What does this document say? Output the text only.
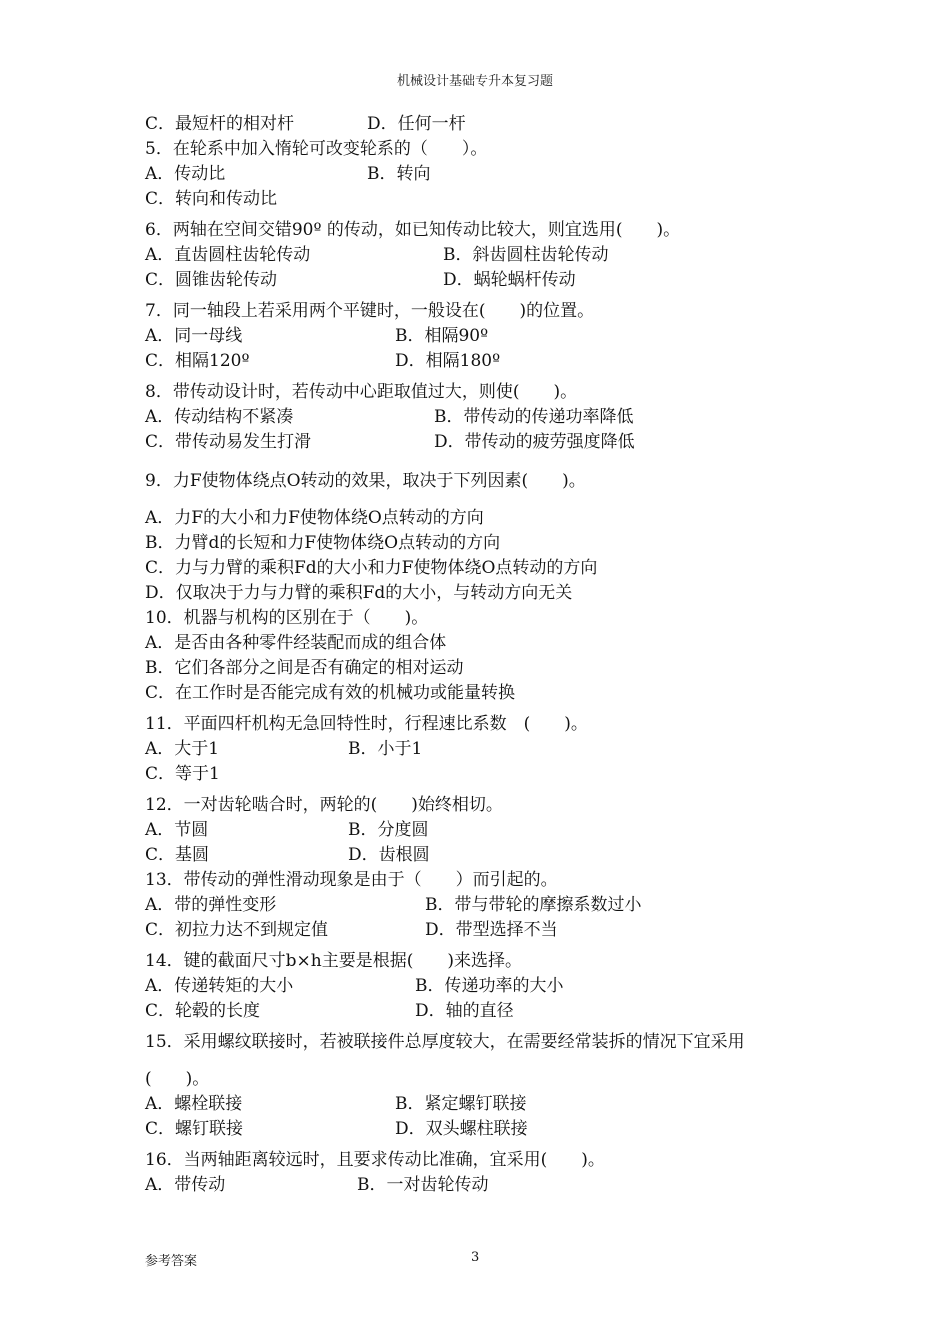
机械设计基础专升本复习题
C．最短杆的相对杆	D．任何一杆
5．在轮系中加入惰轮可改变轮系的（　　）。
A．传动比	B．转向
C．转向和传动比
6．两轴在空间交错90º 的传动，如已知传动比较大，则宜选用(　　)。
A．直齿圆柱齿轮传动	B．斜齿圆柱齿轮传动
C．圆锥齿轮传动	D．蜗轮蜗杆传动
7．同一轴段上若采用两个平键时，一般设在(　　)的位置。
A．同一母线	B．相隔90º
C．相隔120º	D．相隔180º
8．带传动设计时，若传动中心距取值过大，则使(　　)。
A．传动结构不紧凑	B．带传动的传递功率降低
C．带传动易发生打滑	D．带传动的疲劳强度降低
9．力F使物体绕点O转动的效果，取决于下列因素(　　)。
A．力F的大小和力F使物体绕O点转动的方向
B．力臂d的长短和力F使物体绕O点转动的方向
C．力与力臂的乘积Fd的大小和力F使物体绕O点转动的方向
D．仅取决于力与力臂的乘积Fd的大小，与转动方向无关
10．机器与机构的区别在于（　　)。
A．是否由各种零件经装配而成的组合体
B．它们各部分之间是否有确定的相对运动
C．在工作时是否能完成有效的机械功或能量转换
11．平面四杆机构无急回特性时，行程速比系数　(　　)。
A．大于1	B．小于1
C．等于1
12．一对齿轮啮合时，两轮的(　　)始终相切。
A．节圆	B．分度圆
C．基圆	D．齿根圆
13．带传动的弹性滑动现象是由于（　　）而引起的。
A．带的弹性变形	B．带与带轮的摩擦系数过小
C．初拉力达不到规定值	D．带型选择不当
14．键的截面尺寸b×h主要是根据(　　)来选择。
A．传递转矩的大小	B．传递功率的大小
C．轮毂的长度	D．轴的直径
15．采用螺纹联接时，若被联接件总厚度较大，在需要经常装拆的情况下宜采用
(　　)。
A．螺栓联接	B．紧定螺钉联接
C．螺钉联接	D．双头螺柱联接
16．当两轴距离较远时，且要求传动比准确，宜采用(　　)。
A．带传动	B．一对齿轮传动
参考答案	3
